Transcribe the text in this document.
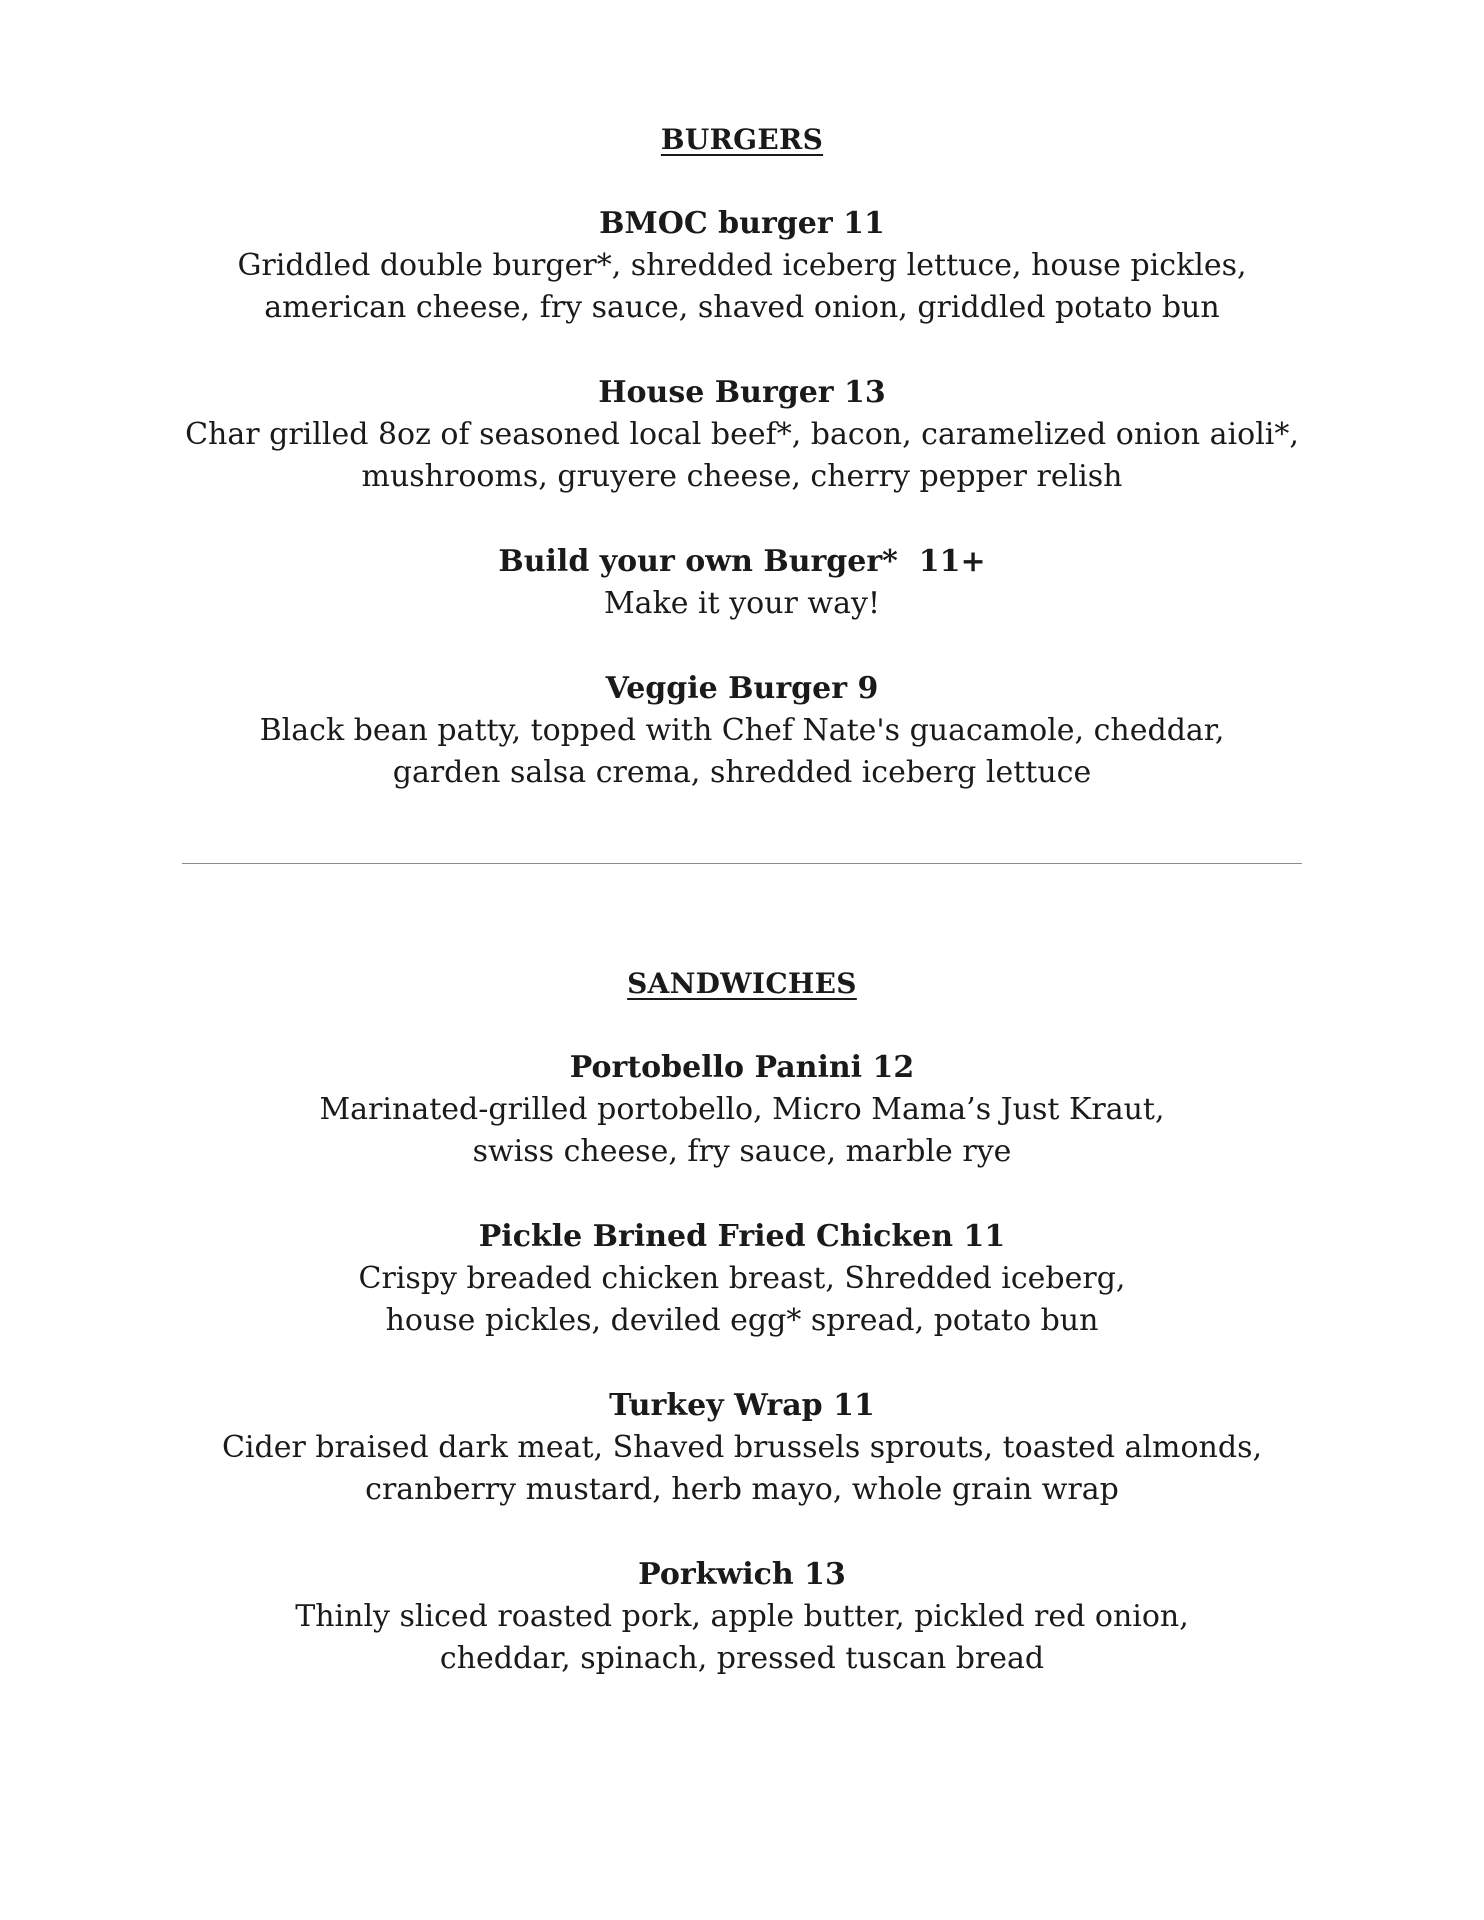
BURGERS
BMOC burger 11
Griddled double burger*, shredded iceberg lettuce, house pickles,
american cheese, fry sauce, shaved onion, griddled potato bun
House Burger 13
Char grilled 8oz of seasoned local beef*, bacon, caramelized onion aioli*,
mushrooms, gruyere cheese, cherry pepper relish
Build your own Burger*  11+
Make it your way!
Veggie Burger 9
Black bean patty, topped with Chef Nate's guacamole, cheddar,
garden salsa crema, shredded iceberg lettuce
SANDWICHES
Portobello Panini 12
Marinated-grilled portobello, Micro Mama’s Just Kraut,
swiss cheese, fry sauce, marble rye
Pickle Brined Fried Chicken 11
Crispy breaded chicken breast, Shredded iceberg,
house pickles, deviled egg* spread, potato bun
Turkey Wrap 11
Cider braised dark meat, Shaved brussels sprouts, toasted almonds,
cranberry mustard, herb mayo, whole grain wrap
Porkwich 13
Thinly sliced roasted pork, apple butter, pickled red onion,
cheddar, spinach, pressed tuscan bread
